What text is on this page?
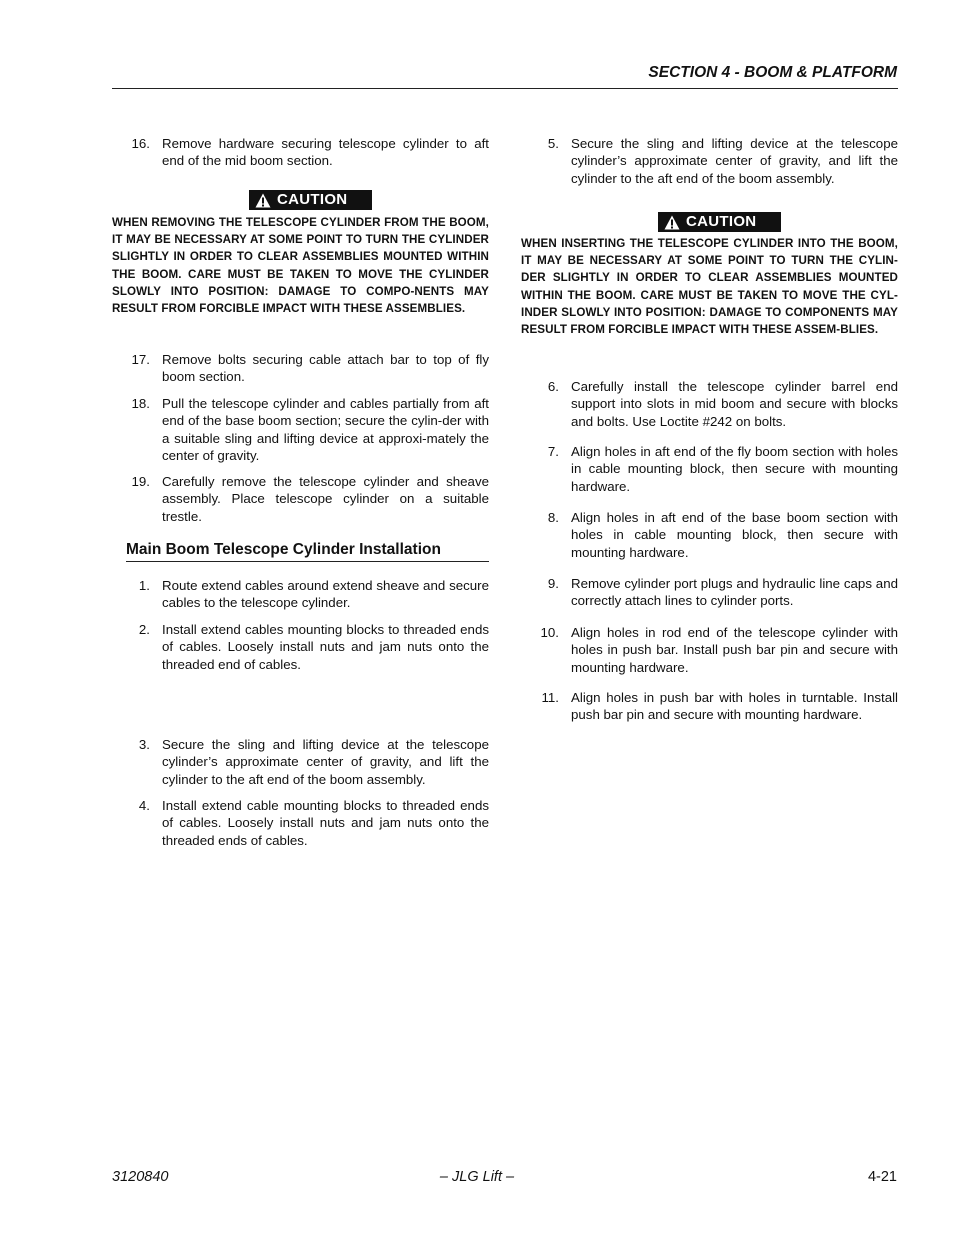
SECTION 4 - BOOM & PLATFORM
16. Remove hardware securing telescope cylinder to aft end of the mid boom section.
CAUTION
WHEN REMOVING THE TELESCOPE CYLINDER FROM THE BOOM, IT MAY BE NECESSARY AT SOME POINT TO TURN THE CYLINDER SLIGHTLY IN ORDER TO CLEAR ASSEMBLIES MOUNTED WITHIN THE BOOM. CARE MUST BE TAKEN TO MOVE THE CYLINDER SLOWLY INTO POSITION: DAMAGE TO COMPO-NENTS MAY RESULT FROM FORCIBLE IMPACT WITH THESE ASSEMBLIES.
17. Remove bolts securing cable attach bar to top of fly boom section.
18. Pull the telescope cylinder and cables partially from aft end of the base boom section; secure the cylin-der with a suitable sling and lifting device at approxi-mately the center of gravity.
19. Carefully remove the telescope cylinder and sheave assembly. Place telescope cylinder on a suitable trestle.
Main Boom Telescope Cylinder Installation
1. Route extend cables around extend sheave and secure cables to the telescope cylinder.
2. Install extend cables mounting blocks to threaded ends of cables. Loosely install nuts and jam nuts onto the threaded end of cables.
3. Secure the sling and lifting device at the telescope cylinder’s approximate center of gravity, and lift the cylinder to the aft end of the boom assembly.
4. Install extend cable mounting blocks to threaded ends of cables. Loosely install nuts and jam nuts onto the threaded ends of cables.
5. Secure the sling and lifting device at the telescope cylinder’s approximate center of gravity, and lift the cylinder to the aft end of the boom assembly.
CAUTION
WHEN INSERTING THE TELESCOPE CYLINDER INTO THE BOOM, IT MAY BE NECESSARY AT SOME POINT TO TURN THE CYLIN-DER SLIGHTLY IN ORDER TO CLEAR ASSEMBLIES MOUNTED WITHIN THE BOOM. CARE MUST BE TAKEN TO MOVE THE CYL-INDER SLOWLY INTO POSITION: DAMAGE TO COMPONENTS MAY RESULT FROM FORCIBLE IMPACT WITH THESE ASSEM-BLIES.
6. Carefully install the telescope cylinder barrel end support into slots in mid boom and secure with blocks and bolts. Use Loctite #242 on bolts.
7. Align holes in aft end of the fly boom section with holes in cable mounting block, then secure with mounting hardware.
8. Align holes in aft end of the base boom section with holes in cable mounting block, then secure with mounting hardware.
9. Remove cylinder port plugs and hydraulic line caps and correctly attach lines to cylinder ports.
10. Align holes in rod end of the telescope cylinder with holes in push bar. Install push bar pin and secure with mounting hardware.
11. Align holes in push bar with holes in turntable. Install push bar pin and secure with mounting hardware.
– JLG Lift –
3120840	4-21
